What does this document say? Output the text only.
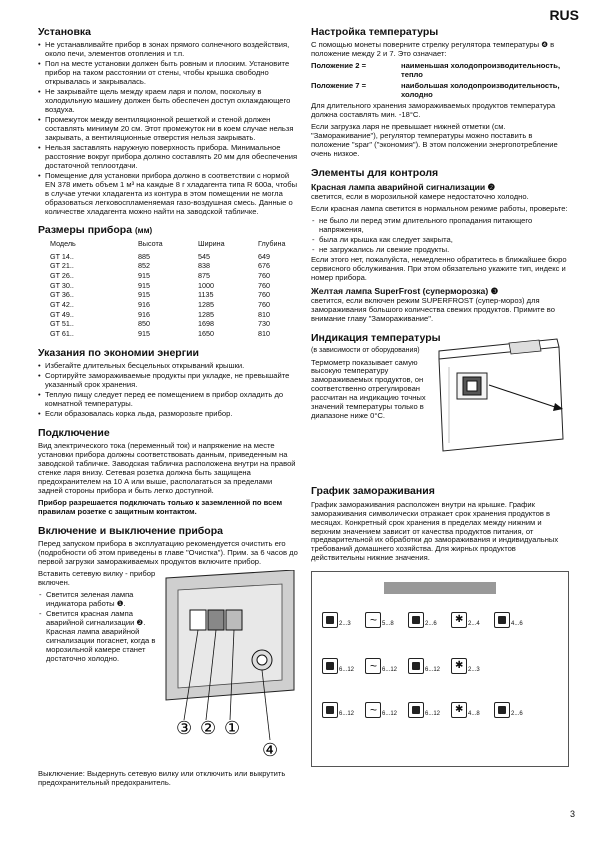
RUS
Установка
• Не устанавливайте прибор в зонах прямого солнечного воздействия, около печи, элементов отопления и т.п.
• Пол на месте установки должен быть ровным и плоским. Установите прибор на таком расстоянии от стены, чтобы крышка свободно открывалась и закрывалась.
• Не закрывайте щель между краем ларя и полом, поскольку в холодильную машину должен быть обеспечен доступ охлаждающего воздуха.
• Промежуток между вентиляционной решеткой и стеной должен составлять минимум 20 см. Этот промежуток ни в коем случае нельзя закрывать, а вентиляционные отверстия нельзя закрывать.
• Нельзя заставлять наружную поверхность прибора. Минимальное расстояние вокруг прибора должно составлять 20 мм для обеспечения достаточной теплоотдачи.
• Помещение для установки прибора должно в соответствии с нормой EN 378 иметь объем 1 м³ на каждые 8 г хладагента типа R 600a, чтобы в случае утечки хладагента из контура в этом помещении не могла образоваться легковоспламеняемая газо-воздушная смесь. Данные о количестве хладагента можно найти на заводской табличке.
Размеры прибора (мм)
Модель	Высота	Ширина	Глубина
GT 14..	885	545	649
GT 21..	852	838	676
GT 26..	915	875	760
GT 30..	915	1000	760
GT 36..	915	1135	760
GT 42..	916	1285	760
GT 49..	916	1285	810
GT 51..	850	1698	730
GT 61..	915	1650	810
Указания по экономии энергии
• Избегайте длительных бесцельных открываний крышки.
• Сортируйте замораживаемые продукты при укладке, не превышайте указанный срок хранения.
• Теплую пищу следует перед ее помещением в прибор охладить до комнатной температуры.
• Если образовалась корка льда, разморозьте прибор.
Подключение

Вид электрического тока (переменный ток) и напряжение на месте установки прибора должны соответствовать данным, приведенным на заводской табличке. Заводская табличка расположена внутри на правой стенке ларя внизу. Сетевая розетка должна быть защищена предохранителем на 10 А или выше, располагаться за пределами задней стороны прибора и быть легко доступной.

Прибор разрешается подключать только к заземленной по всем правилам розетке с защитным контактом.

Включение и выключение прибора

Перед запуском прибора в эксплуатацию рекомендуется очистить его (подробности об этом приведены в главе "Очистка"). Прим. за 6 часов до первой загрузки замораживаемых продуктов включите прибор.

Вставить сетевую вилку - прибор включен.

- Светится зеленая лампа индикатора работы ❶.
- Светится красная лампа аварийной сигнализации ❷. Красная лампа аварийной сигнализации погаснет, когда в морозильной камере станет достаточно холодно.
③ ② ①
④

Выключение: Выдернуть сетевую вилку или отключить или выкрутить предохранительный предохранитель.

Настройка температуры

С помощью монеты поверните стрелку регулятора температуры ❹ в положение между 2 и 7. Это означает:

Положение 2 =	наименьшая холодопроизводительность, тепло
Положение 7 =	наибольшая холодопроизводительность, холодно

Для длительного хранения замораживаемых продуктов температура должна составлять мин. -18°C.

Если загрузка ларя не превышает нижней отметки (см. "Замораживание"), регулятор температуры можно поставить в положение "spar" ("экономия"). В этом положении энергопотребление очень низкое.

Элементы для контроля
Красная лампа аварийной сигнализации ❷

светится, если в морозильной камере недостаточно холодно.

Если красная лампа светится в нормальном режиме работы, проверьте:

- не было ли перед этим длительного пропадания питающего напряжения,
- была ли крышка как следует закрыта,
- не загружались ли свежие продукты.

Если этого нет, пожалуйста, немедленно обратитесь в ближайшее бюро сервисного обслуживания. При этом обязательно укажите тип, индекс и номер прибора.

Желтая лампа SuperFrost (суперморозка) ❸

светится, если включен режим SUPERFROST (супер-мороз) для замораживания большого количества свежих продуктов. Примите во внимание главу "Замораживание".

Индикация температуры

(в зависимости от оборудования)

Термометр показывает самую высокую температуру замораживаемых продуктов, он соответственно отрегулирован рассчитан на индикацию точных значений температуры только в диапазоне ниже 0°C.

График замораживания

График замораживания расположен внутри на крышке. График замораживания символически отражает срок хранения продуктов в месяцах. Конкретный срок хранения в пределах между нижним и верхним значением зависит от качества продуктов питания, от предварительной их обработки до замораживания и индивидуальных требований домашнего хозяйства. Для жирных продуктов действительны нижние значения.

2...3 ~	5...8	2...6 ✱	2...4	4...6
6...12 ~	6...12	6...12 ✱	2...3
6...12 ~	6...12	6...12 ✱	4...8	2...6
3
